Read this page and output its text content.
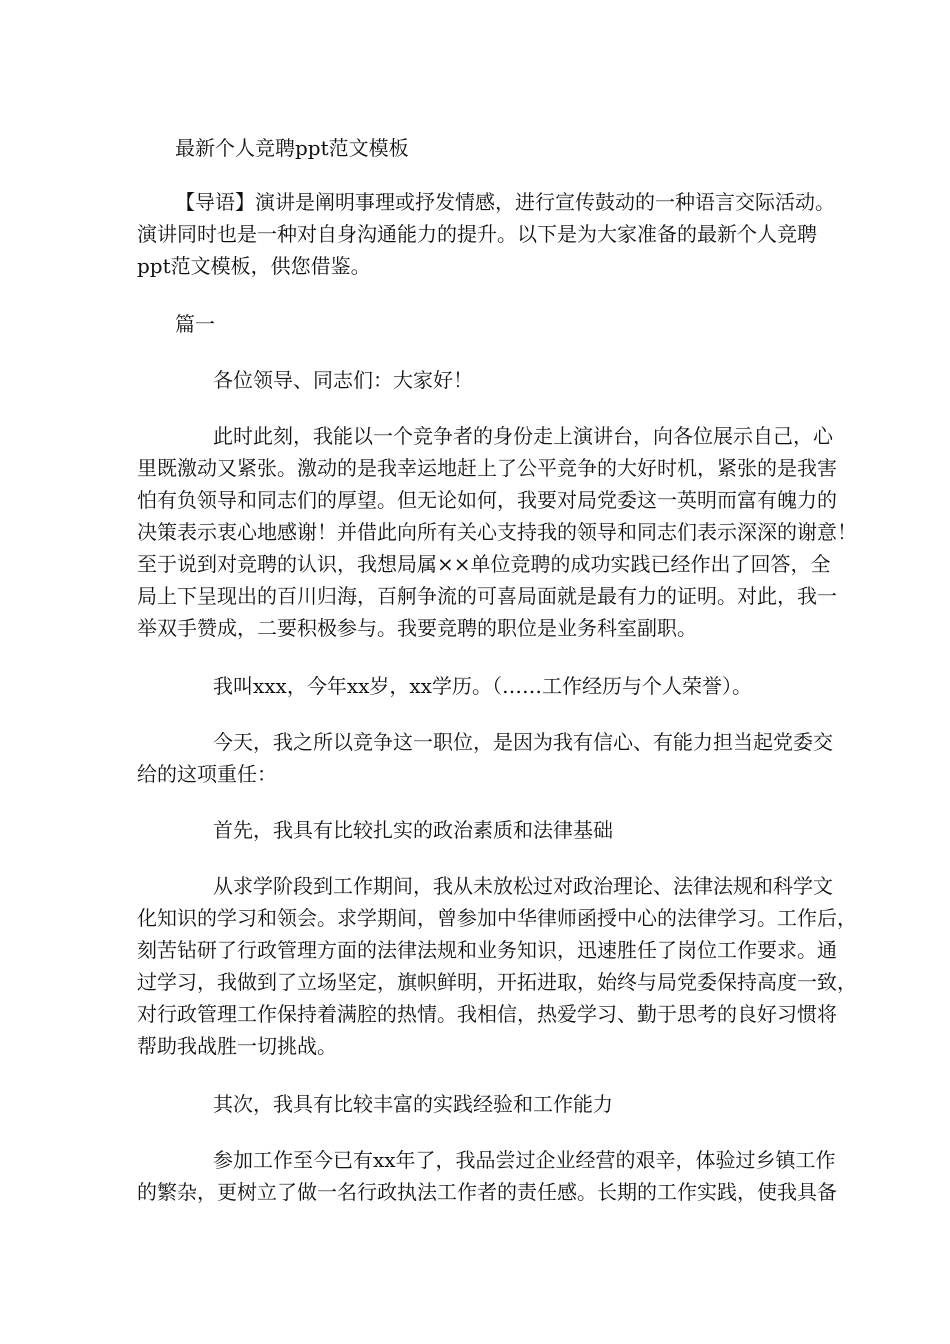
最新个人竞聘ppt范文模板

【导语】演讲是阐明事理或抒发情感，进行宣传鼓动的一种语言交际活动。
演讲同时也是一种对自身沟通能力的提升。以下是为大家准备的最新个人竞聘
ppt范文模板，供您借鉴。

篇一

各位领导、同志们：大家好！

此时此刻，我能以一个竞争者的身份走上演讲台，向各位展示自己，心
里既激动又紧张。激动的是我幸运地赶上了公平竞争的大好时机，紧张的是我害
怕有负领导和同志们的厚望。但无论如何，我要对局党委这一英明而富有魄力的
决策表示衷心地感谢！并借此向所有关心支持我的领导和同志们表示深深的谢意！
至于说到对竞聘的认识，我想局属××单位竞聘的成功实践已经作出了回答，全
局上下呈现出的百川归海，百舸争流的可喜局面就是最有力的证明。对此，我一
举双手赞成，二要积极参与。我要竞聘的职位是业务科室副职。

我叫xxx，今年xx岁，xx学历。（……工作经历与个人荣誉）。

今天，我之所以竞争这一职位，是因为我有信心、有能力担当起党委交
给的这项重任：

首先，我具有比较扎实的政治素质和法律基础

从求学阶段到工作期间，我从未放松过对政治理论、法律法规和科学文
化知识的学习和领会。求学期间，曾参加中华律师函授中心的法律学习。工作后，
刻苦钻研了行政管理方面的法律法规和业务知识，迅速胜任了岗位工作要求。通
过学习，我做到了立场坚定，旗帜鲜明，开拓进取，始终与局党委保持高度一致，
对行政管理工作保持着满腔的热情。我相信，热爱学习、勤于思考的良好习惯将
帮助我战胜一切挑战。

其次，我具有比较丰富的实践经验和工作能力

参加工作至今已有xx年了，我品尝过企业经营的艰辛，体验过乡镇工作
的繁杂，更树立了做一名行政执法工作者的责任感。长期的工作实践，使我具备
